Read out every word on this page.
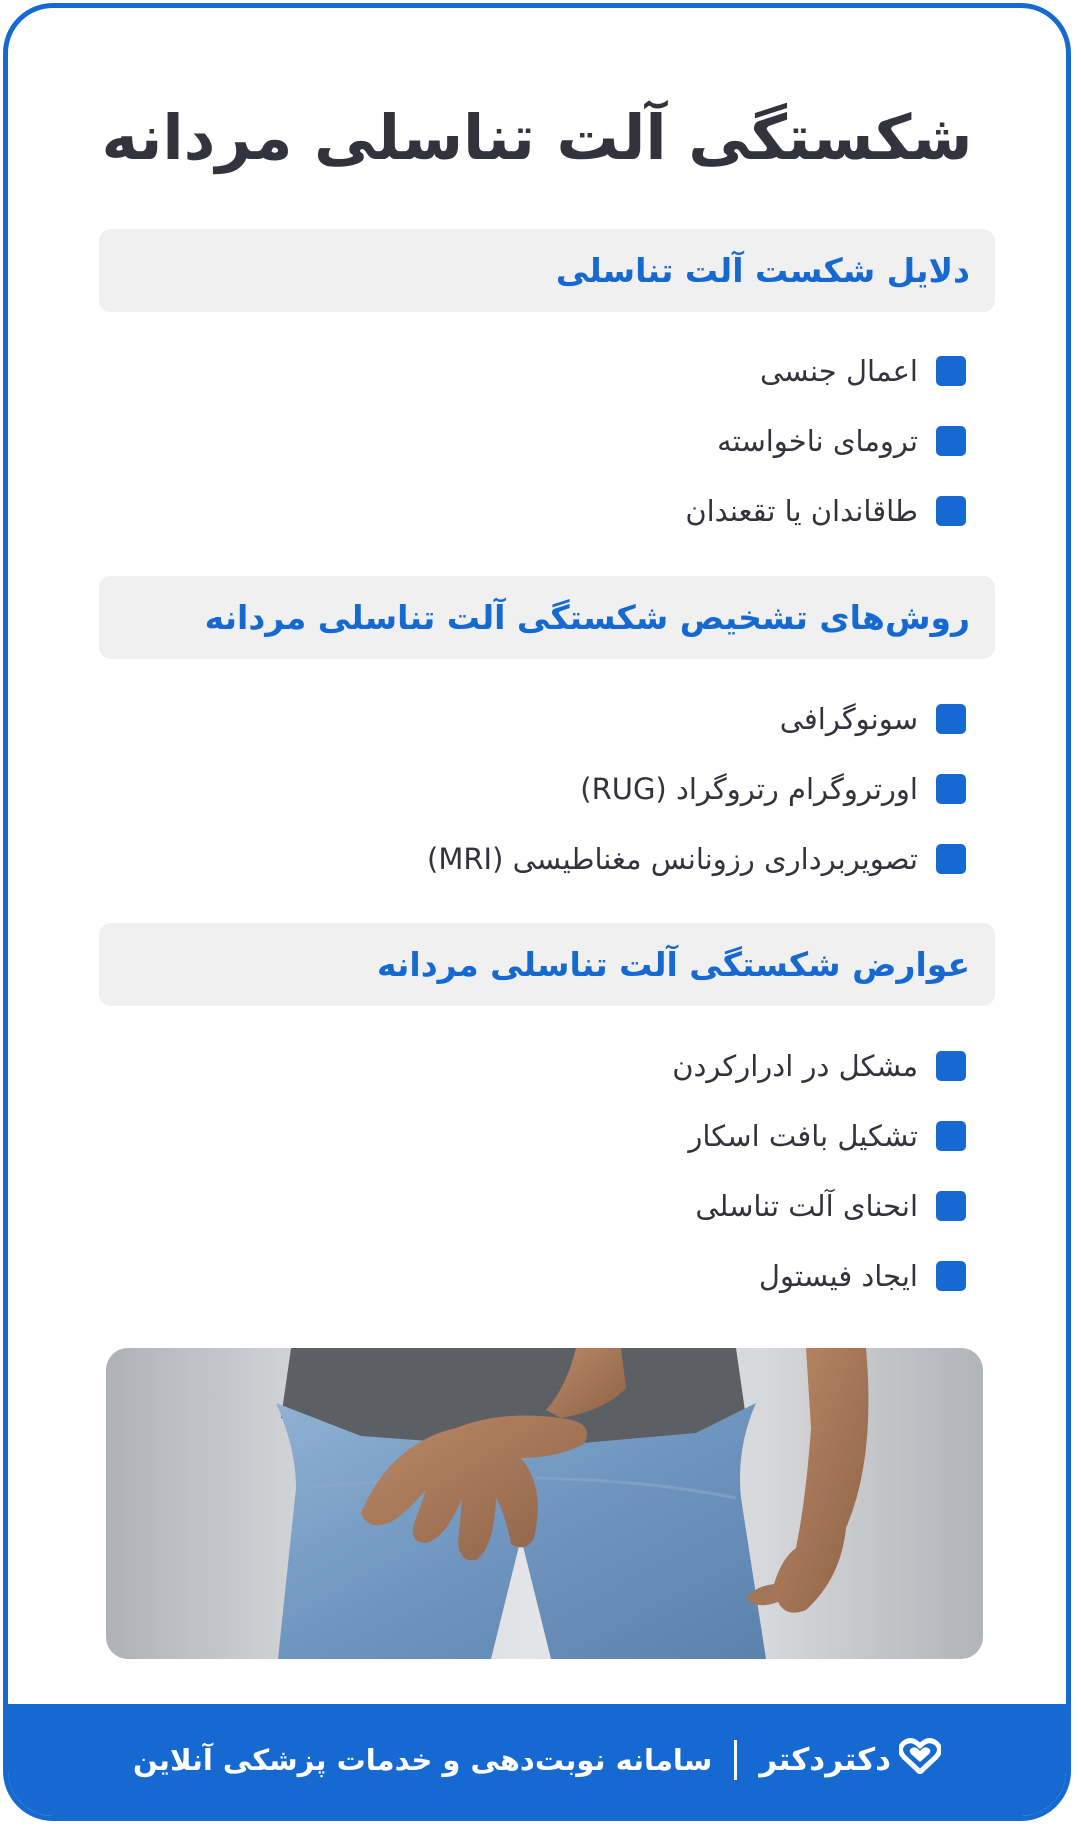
شکستگی آلت تناسلی مردانه
دلایل شکست آلت تناسلی
اعمال جنسی
ترومای ناخواسته
طاقاندان یا تقعندان
روش‌های تشخیص شکستگی آلت تناسلی مردانه
سونوگرافی
اورتروگرام رتروگراد (RUG)
تصویربرداری رزونانس مغناطیسی (MRI)
عوارض شکستگی آلت تناسلی مردانه
مشکل در ادرارکردن
تشکیل بافت اسکار
انحنای آلت تناسلی
ایجاد فیستول
دکتردکتر
سامانه نوبت‌دهی و خدمات پزشکی آنلاین
